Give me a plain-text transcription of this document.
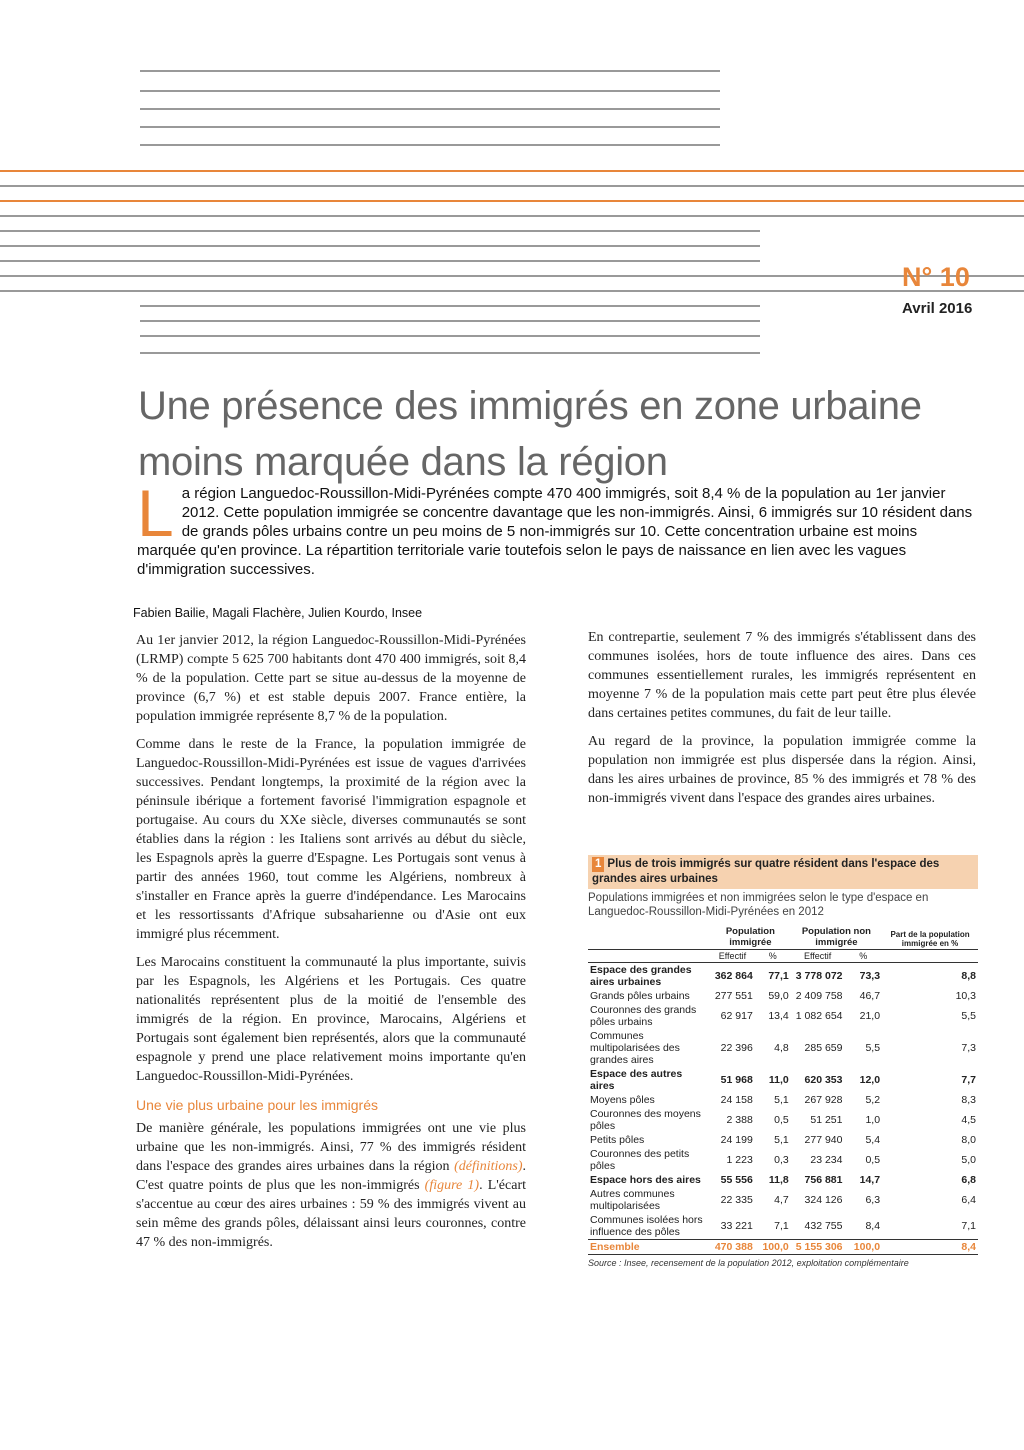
N° 10
Avril 2016
Une présence des immigrés en zone urbaine moins marquée dans la région
La région Languedoc-Roussillon-Midi-Pyrénées compte 470 400 immigrés, soit 8,4 % de la population au 1er janvier 2012. Cette population immigrée se concentre davantage que les non-immigrés. Ainsi, 6 immigrés sur 10 résident dans de grands pôles urbains contre un peu moins de 5 non-immigrés sur 10. Cette concentration urbaine est moins marquée qu'en province. La répartition territoriale varie toutefois selon le pays de naissance en lien avec les vagues d'immigration successives.
Fabien Bailie, Magali Flachère, Julien Kourdo, Insee

Au 1er janvier 2012, la région Languedoc-Roussillon-Midi-Pyrénées (LRMP) compte 5 625 700 habitants dont 470 400 immigrés, soit 8,4 % de la population. Cette part se situe au-dessus de la moyenne de province (6,7 %) et est stable depuis 2007. France entière, la population immigrée représente 8,7 % de la population.

Comme dans le reste de la France, la population immigrée de Languedoc-Roussillon-Midi-Pyrénées est issue de vagues d'arrivées successives. Pendant longtemps, la proximité de la région avec la péninsule ibérique a fortement favorisé l'immigration espagnole et portugaise. Au cours du XXe siècle, diverses communautés se sont établies dans la région : les Italiens sont arrivés au début du siècle, les Espagnols après la guerre d'Espagne. Les Portugais sont venus à partir des années 1960, tout comme les Algériens, nombreux à s'installer en France après la guerre d'indépendance. Les Marocains et les ressortissants d'Afrique subsaharienne ou d'Asie ont eux immigré plus récemment.

Les Marocains constituent la communauté la plus importante, suivis par les Espagnols, les Algériens et les Portugais. Ces quatre nationalités représentent plus de la moitié de l'ensemble des immigrés de la région. En province, Marocains, Algériens et Portugais sont également bien représentés, alors que la communauté espagnole y prend une place relativement moins importante qu'en Languedoc-Roussillon-Midi-Pyrénées.

Une vie plus urbaine pour les immigrés

De manière générale, les populations immigrées ont une vie plus urbaine que les non-immigrés. Ainsi, 77 % des immigrés résident dans l'espace des grandes aires urbaines dans la région (définitions). C'est quatre points de plus que les non-immigrés (figure 1). L'écart s'accentue au cœur des aires urbaines : 59 % des immigrés vivent au sein même des grands pôles, délaissant ainsi leurs couronnes, contre 47 % des non-immigrés.

En contrepartie, seulement 7 % des immigrés s'établissent dans des communes isolées, hors de toute influence des aires. Dans ces communes essentiellement rurales, les immigrés représentent en moyenne 7 % de la population mais cette part peut être plus élevée dans certaines petites communes, du fait de leur taille.

Au regard de la province, la population immigrée comme la population non immigrée est plus dispersée dans la région. Ainsi, dans les aires urbaines de province, 85 % des immigrés et 78 % des non-immigrés vivent dans l'espace des grandes aires urbaines.

1 Plus de trois immigrés sur quatre résident dans l'espace des grandes aires urbaines
Populations immigrées et non immigrées selon le type d'espace en Languedoc-Roussillon-Midi-Pyrénées en 2012
	Population immigrée		Population non immigrée		Part de la population immigrée en %
	Effectif	%	Effectif	%	
Espace des grandes aires urbaines	362 864	77,1	3 778 072	73,3	8,8
Grands pôles urbains	277 551	59,0	2 409 758	46,7	10,3
Couronnes des grands pôles urbains	62 917	13,4	1 082 654	21,0	5,5
Communes multipolarisées des grandes aires	22 396	4,8	285 659	5,5	7,3
Espace des autres aires	51 968	11,0	620 353	12,0	7,7
Moyens pôles	24 158	5,1	267 928	5,2	8,3
Couronnes des moyens pôles	2 388	0,5	51 251	1,0	4,5
Petits pôles	24 199	5,1	277 940	5,4	8,0
Couronnes des petits pôles	1 223	0,3	23 234	0,5	5,0
Espace hors des aires	55 556	11,8	756 881	14,7	6,8
Autres communes multipolarisées	22 335	4,7	324 126	6,3	6,4
Communes isolées hors influence des pôles	33 221	7,1	432 755	8,4	7,1
Ensemble	470 388	100,0	5 155 306	100,0	8,4
Source : Insee, recensement de la population 2012, exploitation complémentaire
